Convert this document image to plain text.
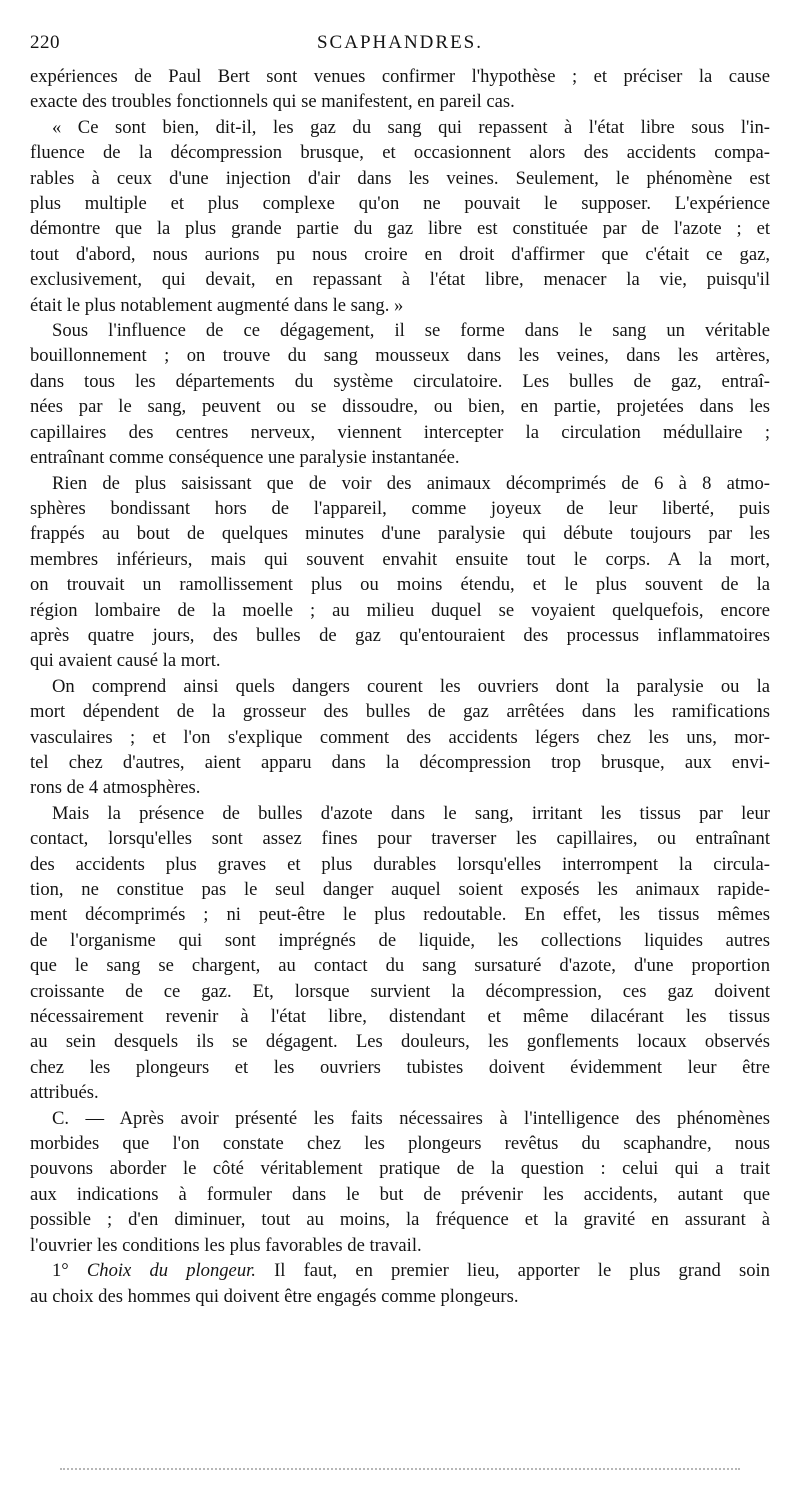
220	SCAPHANDRES.

expériences de Paul Bert sont venues confirmer l'hypothèse ; et préciser la cause
exacte des troubles fonctionnels qui se manifestent, en pareil cas.

« Ce sont bien, dit-il, les gaz du sang qui repassent à l'état libre sous l'in-
fluence de la décompression brusque, et occasionnent alors des accidents compa-
rables à ceux d'une injection d'air dans les veines. Seulement, le phénomène est
plus multiple et plus complexe qu'on ne pouvait le supposer. L'expérience
démontre que la plus grande partie du gaz libre est constituée par de l'azote ; et
tout d'abord, nous aurions pu nous croire en droit d'affirmer que c'était ce gaz,
exclusivement, qui devait, en repassant à l'état libre, menacer la vie, puisqu'il
était le plus notablement augmenté dans le sang. »

Sous l'influence de ce dégagement, il se forme dans le sang un véritable
bouillonnement ; on trouve du sang mousseux dans les veines, dans les artères,
dans tous les départements du système circulatoire. Les bulles de gaz, entraî-
nées par le sang, peuvent ou se dissoudre, ou bien, en partie, projetées dans les
capillaires des centres nerveux, viennent intercepter la circulation médullaire ;
entraînant comme conséquence une paralysie instantanée.

Rien de plus saisissant que de voir des animaux décomprimés de 6 à 8 atmo-
sphères bondissant hors de l'appareil, comme joyeux de leur liberté, puis
frappés au bout de quelques minutes d'une paralysie qui débute toujours par les
membres inférieurs, mais qui souvent envahit ensuite tout le corps. A la mort,
on trouvait un ramollissement plus ou moins étendu, et le plus souvent de la
région lombaire de la moelle ; au milieu duquel se voyaient quelquefois, encore
après quatre jours, des bulles de gaz qu'entouraient des processus inflammatoires
qui avaient causé la mort.

On comprend ainsi quels dangers courent les ouvriers dont la paralysie ou la
mort dépendent de la grosseur des bulles de gaz arrêtées dans les ramifications
vasculaires ; et l'on s'explique comment des accidents légers chez les uns, mor-
tel chez d'autres, aient apparu dans la décompression trop brusque, aux envi-
rons de 4 atmosphères.

Mais la présence de bulles d'azote dans le sang, irritant les tissus par leur
contact, lorsqu'elles sont assez fines pour traverser les capillaires, ou entraînant
des accidents plus graves et plus durables lorsqu'elles interrompent la circula-
tion, ne constitue pas le seul danger auquel soient exposés les animaux rapide-
ment décomprimés ; ni peut-être le plus redoutable. En effet, les tissus mêmes
de l'organisme qui sont imprégnés de liquide, les collections liquides autres
que le sang se chargent, au contact du sang sursaturé d'azote, d'une proportion
croissante de ce gaz. Et, lorsque survient la décompression, ces gaz doivent
nécessairement revenir à l'état libre, distendant et même dilacérant les tissus
au sein desquels ils se dégagent. Les douleurs, les gonflements locaux observés
chez les plongeurs et les ouvriers tubistes doivent évidemment leur être
attribués.

C. — Après avoir présenté les faits nécessaires à l'intelligence des phénomènes
morbides que l'on constate chez les plongeurs revêtus du scaphandre, nous
pouvons aborder le côté véritablement pratique de la question : celui qui a trait
aux indications à formuler dans le but de prévenir les accidents, autant que
possible ; d'en diminuer, tout au moins, la fréquence et la gravité en assurant à
l'ouvrier les conditions les plus favorables de travail.

1° Choix du plongeur. Il faut, en premier lieu, apporter le plus grand soin
au choix des hommes qui doivent être engagés comme plongeurs.
